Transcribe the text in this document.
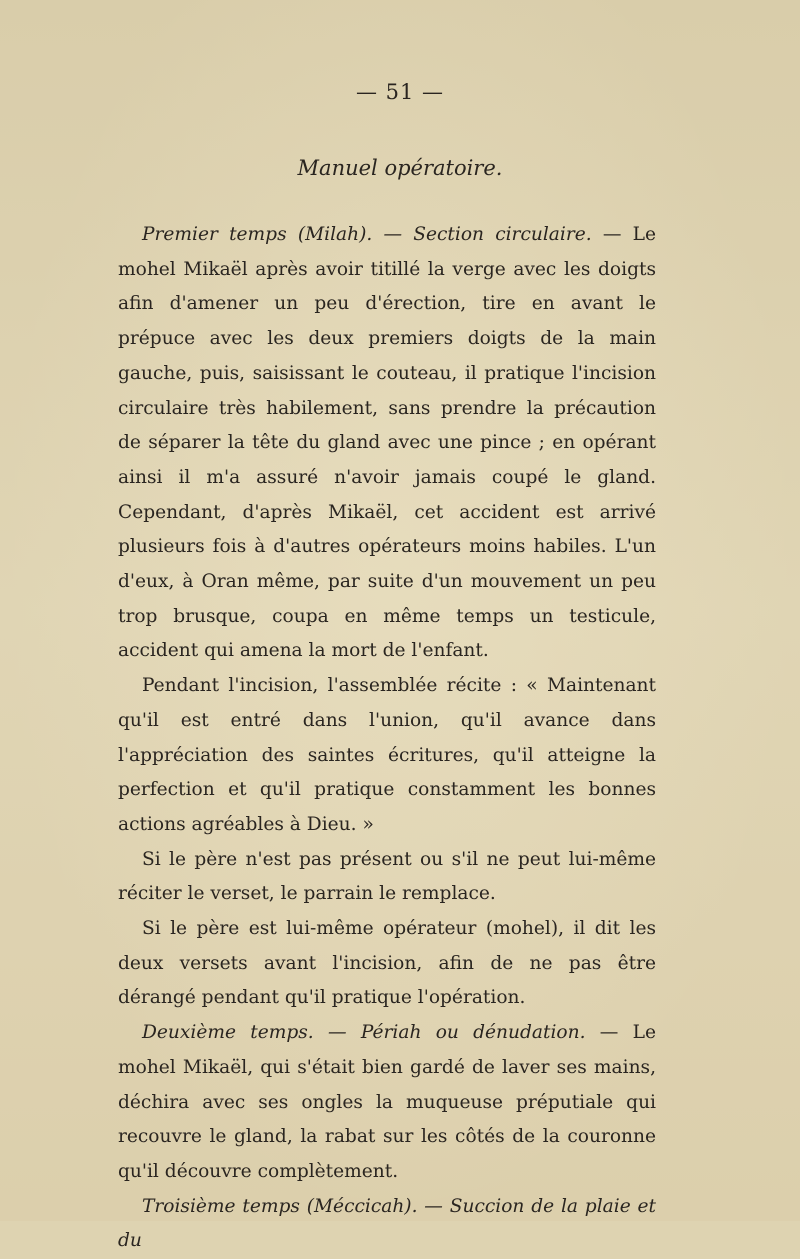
— 51 —
Manuel opératoire.

Premier temps (Milah). — Section circulaire. — Le mohel Mikaël après avoir titillé la verge avec les doigts afin d'amener un peu d'érection, tire en avant le prépuce avec les deux premiers doigts de la main gauche, puis, saisissant le couteau, il pratique l'incision circulaire très habilement, sans prendre la précaution de séparer la tête du gland avec une pince ; en opérant ainsi il m'a assuré n'avoir jamais coupé le gland. Cependant, d'après Mikaël, cet accident est arrivé plusieurs fois à d'autres opérateurs moins habiles. L'un d'eux, à Oran même, par suite d'un mouvement un peu trop brusque, coupa en même temps un testicule, accident qui amena la mort de l'enfant.

Pendant l'incision, l'assemblée récite : « Maintenant qu'il est entré dans l'union, qu'il avance dans l'appréciation des saintes écritures, qu'il atteigne la perfection et qu'il pratique constamment les bonnes actions agréables à Dieu. »

Si le père n'est pas présent ou s'il ne peut lui-même réciter le verset, le parrain le remplace.

Si le père est lui-même opérateur (mohel), il dit les deux versets avant l'incision, afin de ne pas être dérangé pendant qu'il pratique l'opération.

Deuxième temps. — Périah ou dénudation. — Le mohel Mikaël, qui s'était bien gardé de laver ses mains, déchira avec ses ongles la muqueuse préputiale qui recouvre le gland, la rabat sur les côtés de la couronne qu'il découvre complètement.

Troisième temps (Méccicah). — Succion de la plaie et du
